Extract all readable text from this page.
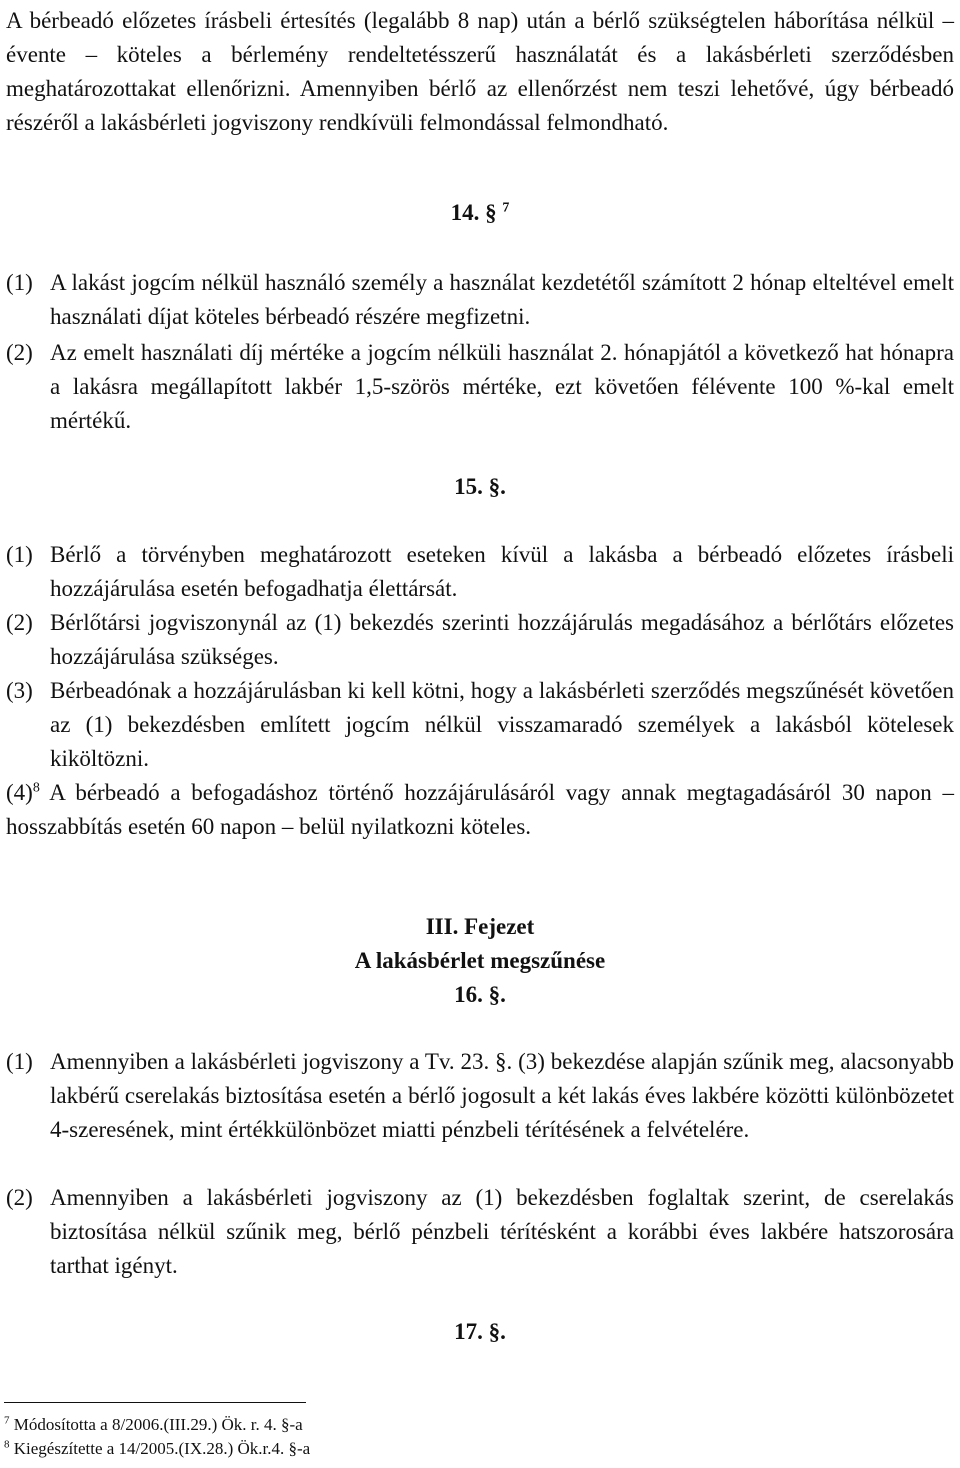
A bérbeadó előzetes írásbeli értesítés (legalább 8 nap) után a bérlő szükségtelen háborítása nélkül – évente – köteles a bérlemény rendeltetésszerű használatát és a lakásbérleti szerződésben meghatározottakat ellenőrizni. Amennyiben bérlő az ellenőrzést nem teszi lehetővé, úgy bérbeadó részéről a lakásbérleti jogviszony rendkívüli felmondással felmondható.
14. § $^7$
(1) A lakást jogcím nélkül használó személy a használat kezdetétől számított 2 hónap elteltével emelt használati díjat köteles bérbeadó részére megfizetni.
(2) Az emelt használati díj mértéke a jogcím nélküli használat 2. hónapjától a következő hat hónapra a lakásra megállapított lakbér 1,5-szörös mértéke, ezt követően félévente 100 %-kal emelt mértékű.
15. §.
(1) Bérlő a törvényben meghatározott eseteken kívül a lakásba a bérbeadó előzetes írásbeli hozzájárulása esetén befogadhatja élettársát.
(2) Bérlőtársi jogviszonynál az (1) bekezdés szerinti hozzájárulás megadásához a bérlőtárs előzetes hozzájárulása szükséges.
(3) Bérbeadónak a hozzájárulásban ki kell kötni, hogy a lakásbérleti szerződés megszűnését követően az (1) bekezdésben említett jogcím nélkül visszamaradó személyek a lakásból kötelesek kiköltözni.
$(4)^8$ A bérbeadó a befogadáshoz történő hozzájárulásáról vagy annak megtagadásáról 30 napon – hosszabbítás esetén 60 napon – belül nyilatkozni köteles.
III. Fejezet
A lakásbérlet megszűnése
16. §.
(1) Amennyiben a lakásbérleti jogviszony a Tv. 23. §. (3) bekezdése alapján szűnik meg, alacsonyabb lakbérű cserelakás biztosítása esetén a bérlő jogosult a két lakás éves lakbére közötti különbözetet 4-szeresének, mint értékkülönbözet miatti pénzbeli térítésének a felvételére.
(2) Amennyiben a lakásbérleti jogviszony az (1) bekezdésben foglaltak szerint, de cserelakás biztosítása nélkül szűnik meg, bérlő pénzbeli térítésként a korábbi éves lakbére hatszorosára tarthat igényt.
17. §.
$^7$ Módosította a 8/2006.(III.29.) Ök. r. 4. §-a
$^8$ Kiegészítette a 14/2005.(IX.28.) Ök.r.4. §-a
